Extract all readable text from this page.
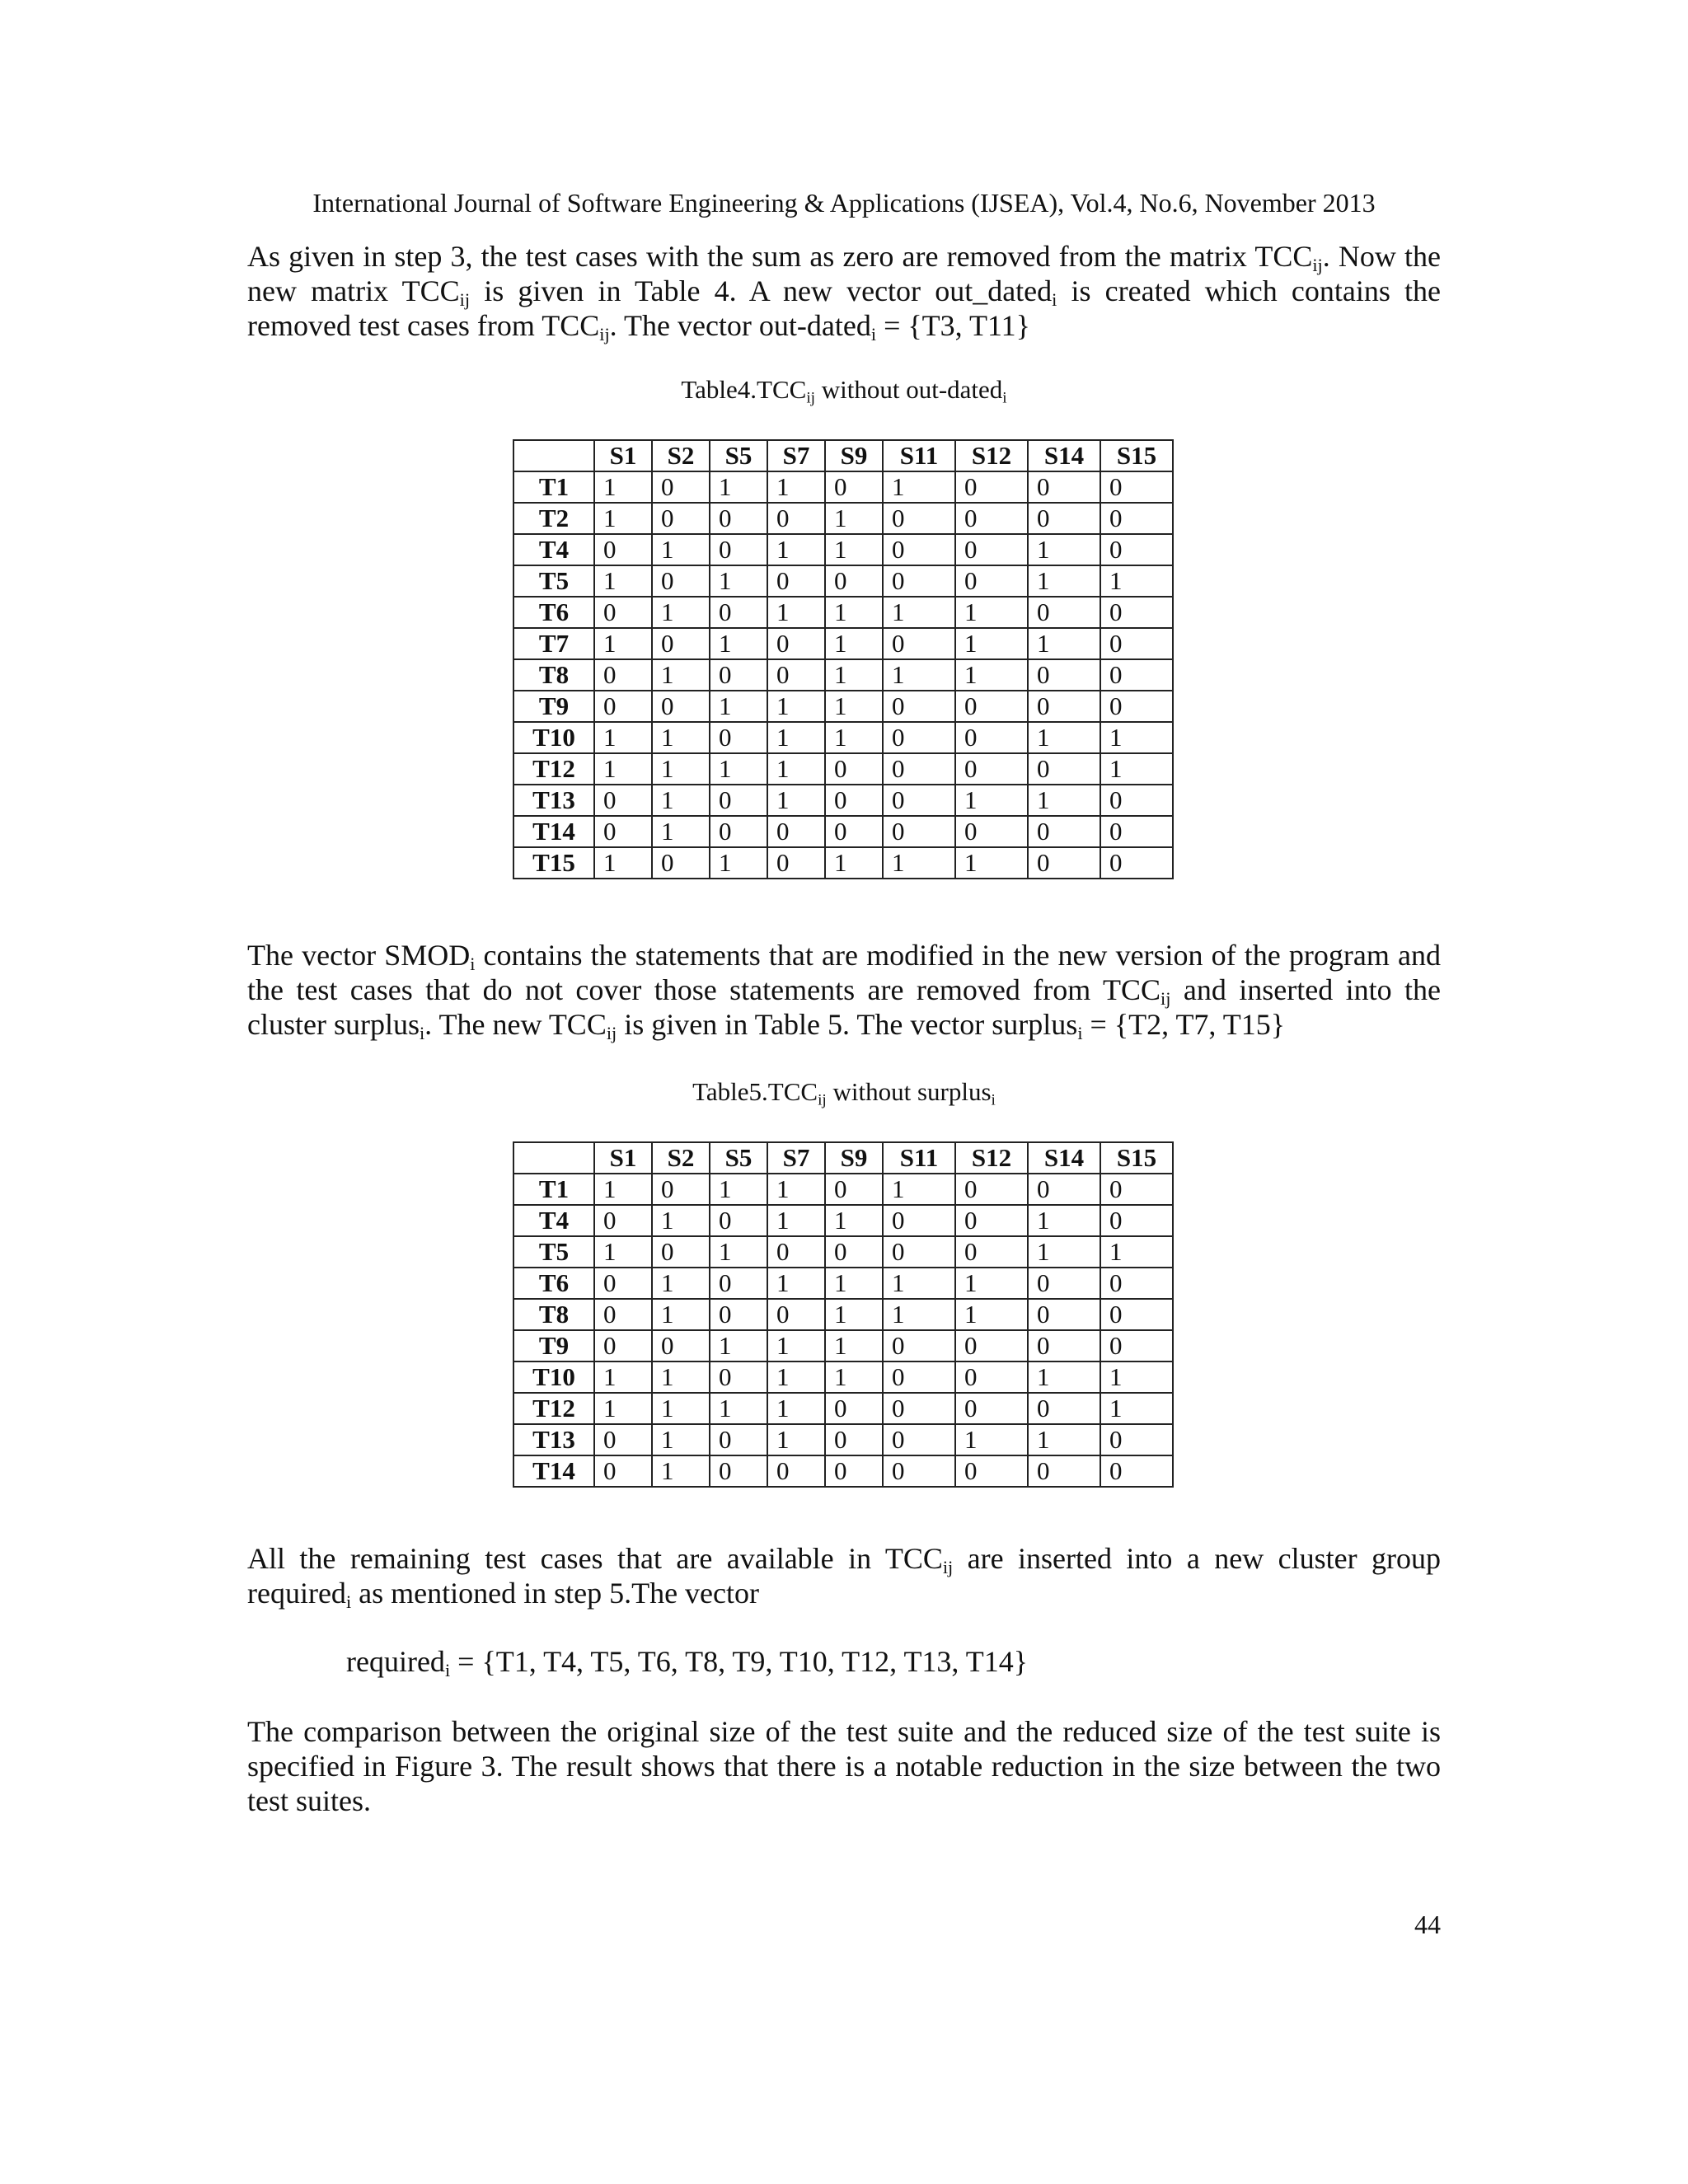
International Journal of Software Engineering & Applications (IJSEA), Vol.4, No.6, November 2013

As given in step 3, the test cases with the sum as zero are removed from the matrix $TCC_{ij}$. Now the new matrix $TCC_{ij}$ is given in Table 4. A new vector out_dated$_i$ is created which contains the removed test cases from $TCC_{ij}$. The vector out-dated$_i$ = {T3, T11}

$Table4.TCC_{ij}$ without out-dated$_i$
	S1	S2	S5	S7	S9	S11	S12	S14	S15
T1	1	0	1	1	0	1	0	0	0
T2	1	0	0	0	1	0	0	0	0
T4	0	1	0	1	1	0	0	1	0
T5	1	0	1	0	0	0	0	1	1
T6	0	1	0	1	1	1	1	0	0
T7	1	0	1	0	1	0	1	1	0
T8	0	1	0	0	1	1	1	0	0
T9	0	0	1	1	1	0	0	0	0
T10	1	1	0	1	1	0	0	1	1
T12	1	1	1	1	0	0	0	0	1
T13	0	1	0	1	0	0	1	1	0
T14	0	1	0	0	0	0	0	0	0
T15	1	0	1	0	1	1	1	0	0

The vector $SMOD_i$ contains the statements that are modified in the new version of the program and the test cases that do not cover those statements are removed from $TCC_{ij}$ and inserted into the cluster surplus$_i$. The new $TCC_{ij}$ is given in Table 5. The vector surplus$_i$ = {T2, T7, T15}

$Table5.TCC_{ij}$ without surplus$_i$
	S1	S2	S5	S7	S9	S11	S12	S14	S15
T1	1	0	1	1	0	1	0	0	0
T4	0	1	0	1	1	0	0	1	0
T5	1	0	1	0	0	0	0	1	1
T6	0	1	0	1	1	1	1	0	0
T8	0	1	0	0	1	1	1	0	0
T9	0	0	1	1	1	0	0	0	0
T10	1	1	0	1	1	0	0	1	1
T12	1	1	1	1	0	0	0	0	1
T13	0	1	0	1	0	0	1	1	0
T14	0	1	0	0	0	0	0	0	0

All the remaining test cases that are available in $TCC_{ij}$ are inserted into a new cluster group required$_i$ as mentioned in step 5.The vector

required$_i$ = {T1, T4, T5, T6, T8, T9, T10, T12, T13, T14}

The comparison between the original size of the test suite and the reduced size of the test suite is specified in Figure 3. The result shows that there is a notable reduction in the size between the two test suites.

44
